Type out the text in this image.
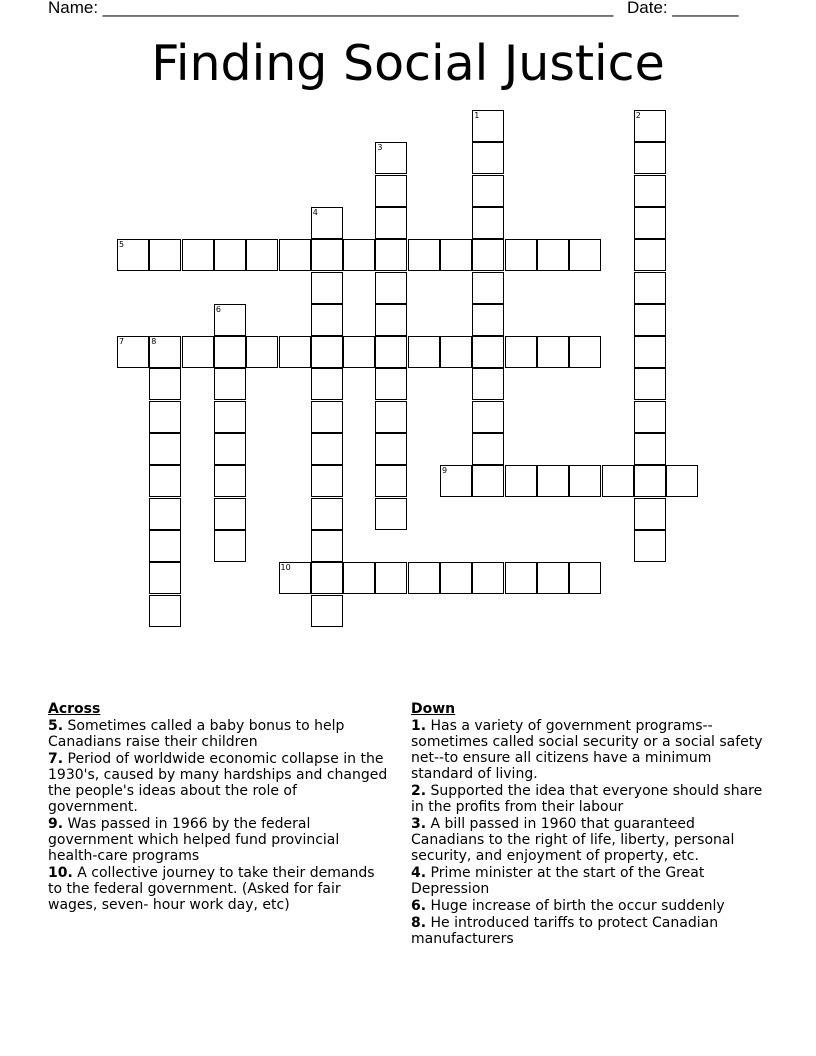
Name: ______________________________________________________ Date: _______
Finding Social Justice
5
7	8
9
10
1	2
3
4
6
Across
5. Sometimes called a baby bonus to help Canadians raise their children
7. Period of worldwide economic collapse in the 1930's, caused by many hardships and changed the people's ideas about the role of government.
9. Was passed in 1966 by the federal government which helped fund provincial health-care programs
10. A collective journey to take their demands to the federal government. (Asked for fair wages, seven- hour work day, etc)
Down
1. Has a variety of government programs--sometimes called social security or a social safety net--to ensure all citizens have a minimum standard of living.
2. Supported the idea that everyone should share in the profits from their labour
3. A bill passed in 1960 that guaranteed Canadians to the right of life, liberty, personal security, and enjoyment of property, etc.
4. Prime minister at the start of the Great Depression
6. Huge increase of birth the occur suddenly
8. He introduced tariffs to protect Canadian manufacturers
